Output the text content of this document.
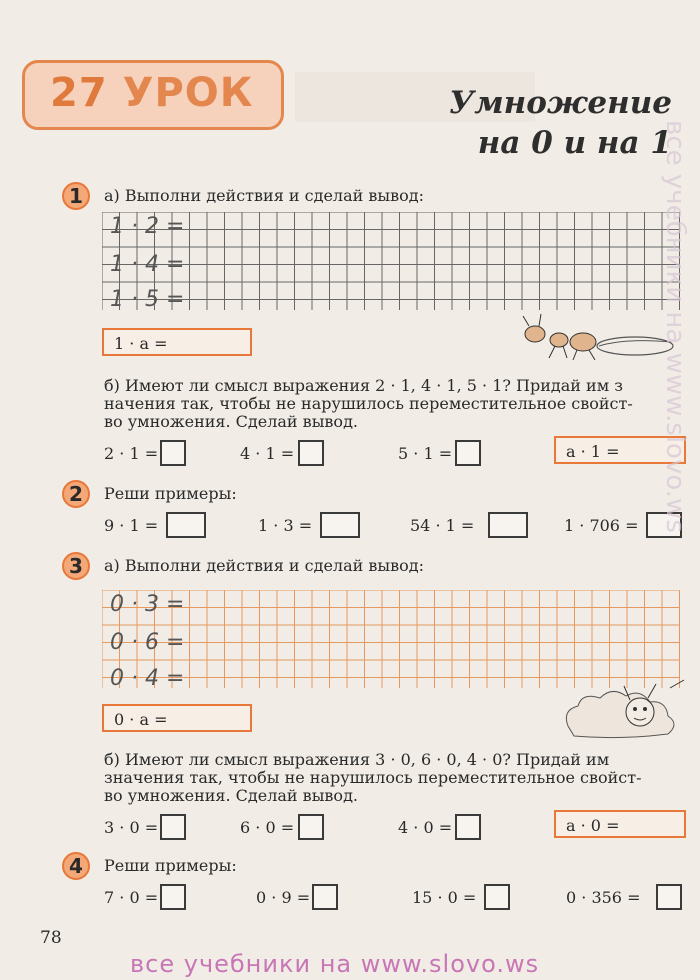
27 УРОК	Умножение
на 0 и на 1
1	а) Выполни действия и сделай вывод:
1 · 2 =
1 · 4 =
1 · 5 =
1 · a =
б) Имеют ли смысл выражения 2 · 1, 4 · 1, 5 · 1? Придай им з
начения так, чтобы не нарушилось переместительное свойст-
во умножения. Сделай вывод.
2 · 1 =	4 · 1 =	5 · 1 =	a · 1 =
2	Реши примеры:
9 · 1 =	1 · 3 =	54 · 1 =	1 · 706 =
3	а) Выполни действия и сделай вывод:
0 · 3 =
0 · 6 =
0 · 4 =
0 · a =
б) Имеют ли смысл выражения 3 · 0, 6 · 0, 4 · 0? Придай им
значения так, чтобы не нарушилось переместительное свойст-
во умножения. Сделай вывод.
3 · 0 =	6 · 0 =	4 · 0 =	a · 0 =
4	Реши примеры:
7 · 0 =	0 · 9 =	15 · 0 =	0 · 356 =
78
все учебники на www.slovo.ws
все учебники на www.slovo.ws
